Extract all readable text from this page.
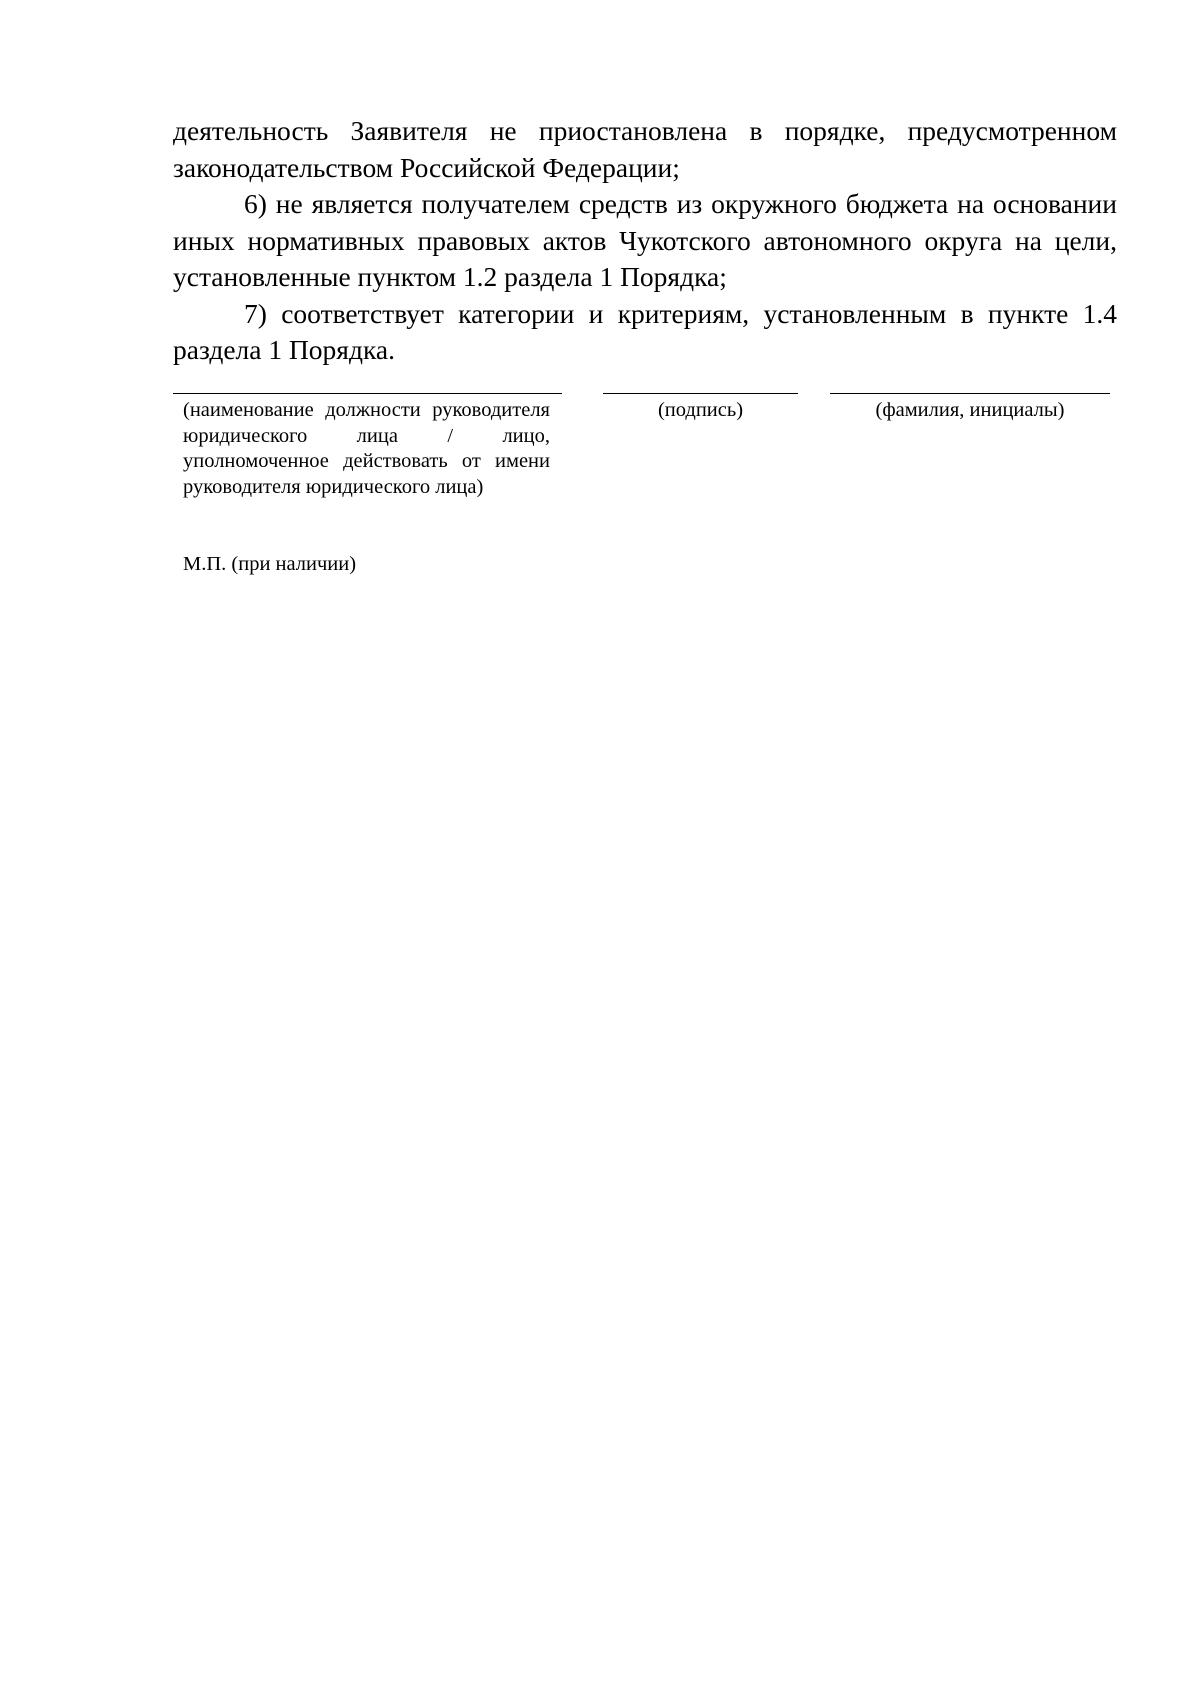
деятельность Заявителя не приостановлена в порядке, предусмотренном законодательством Российской Федерации;

6) не является получателем средств из окружного бюджета на основании иных нормативных правовых актов Чукотского автономного округа на цели, установленные пунктом 1.2 раздела 1 Порядка;

7) соответствует категории и критериям, установленным в пункте 1.4 раздела 1 Порядка.

(наименование должности руководителя юридического лица / лицо, уполномоченное действовать от имени руководителя юридического лица)
(подпись)	(фамилия, инициалы)
М.П. (при наличии)
